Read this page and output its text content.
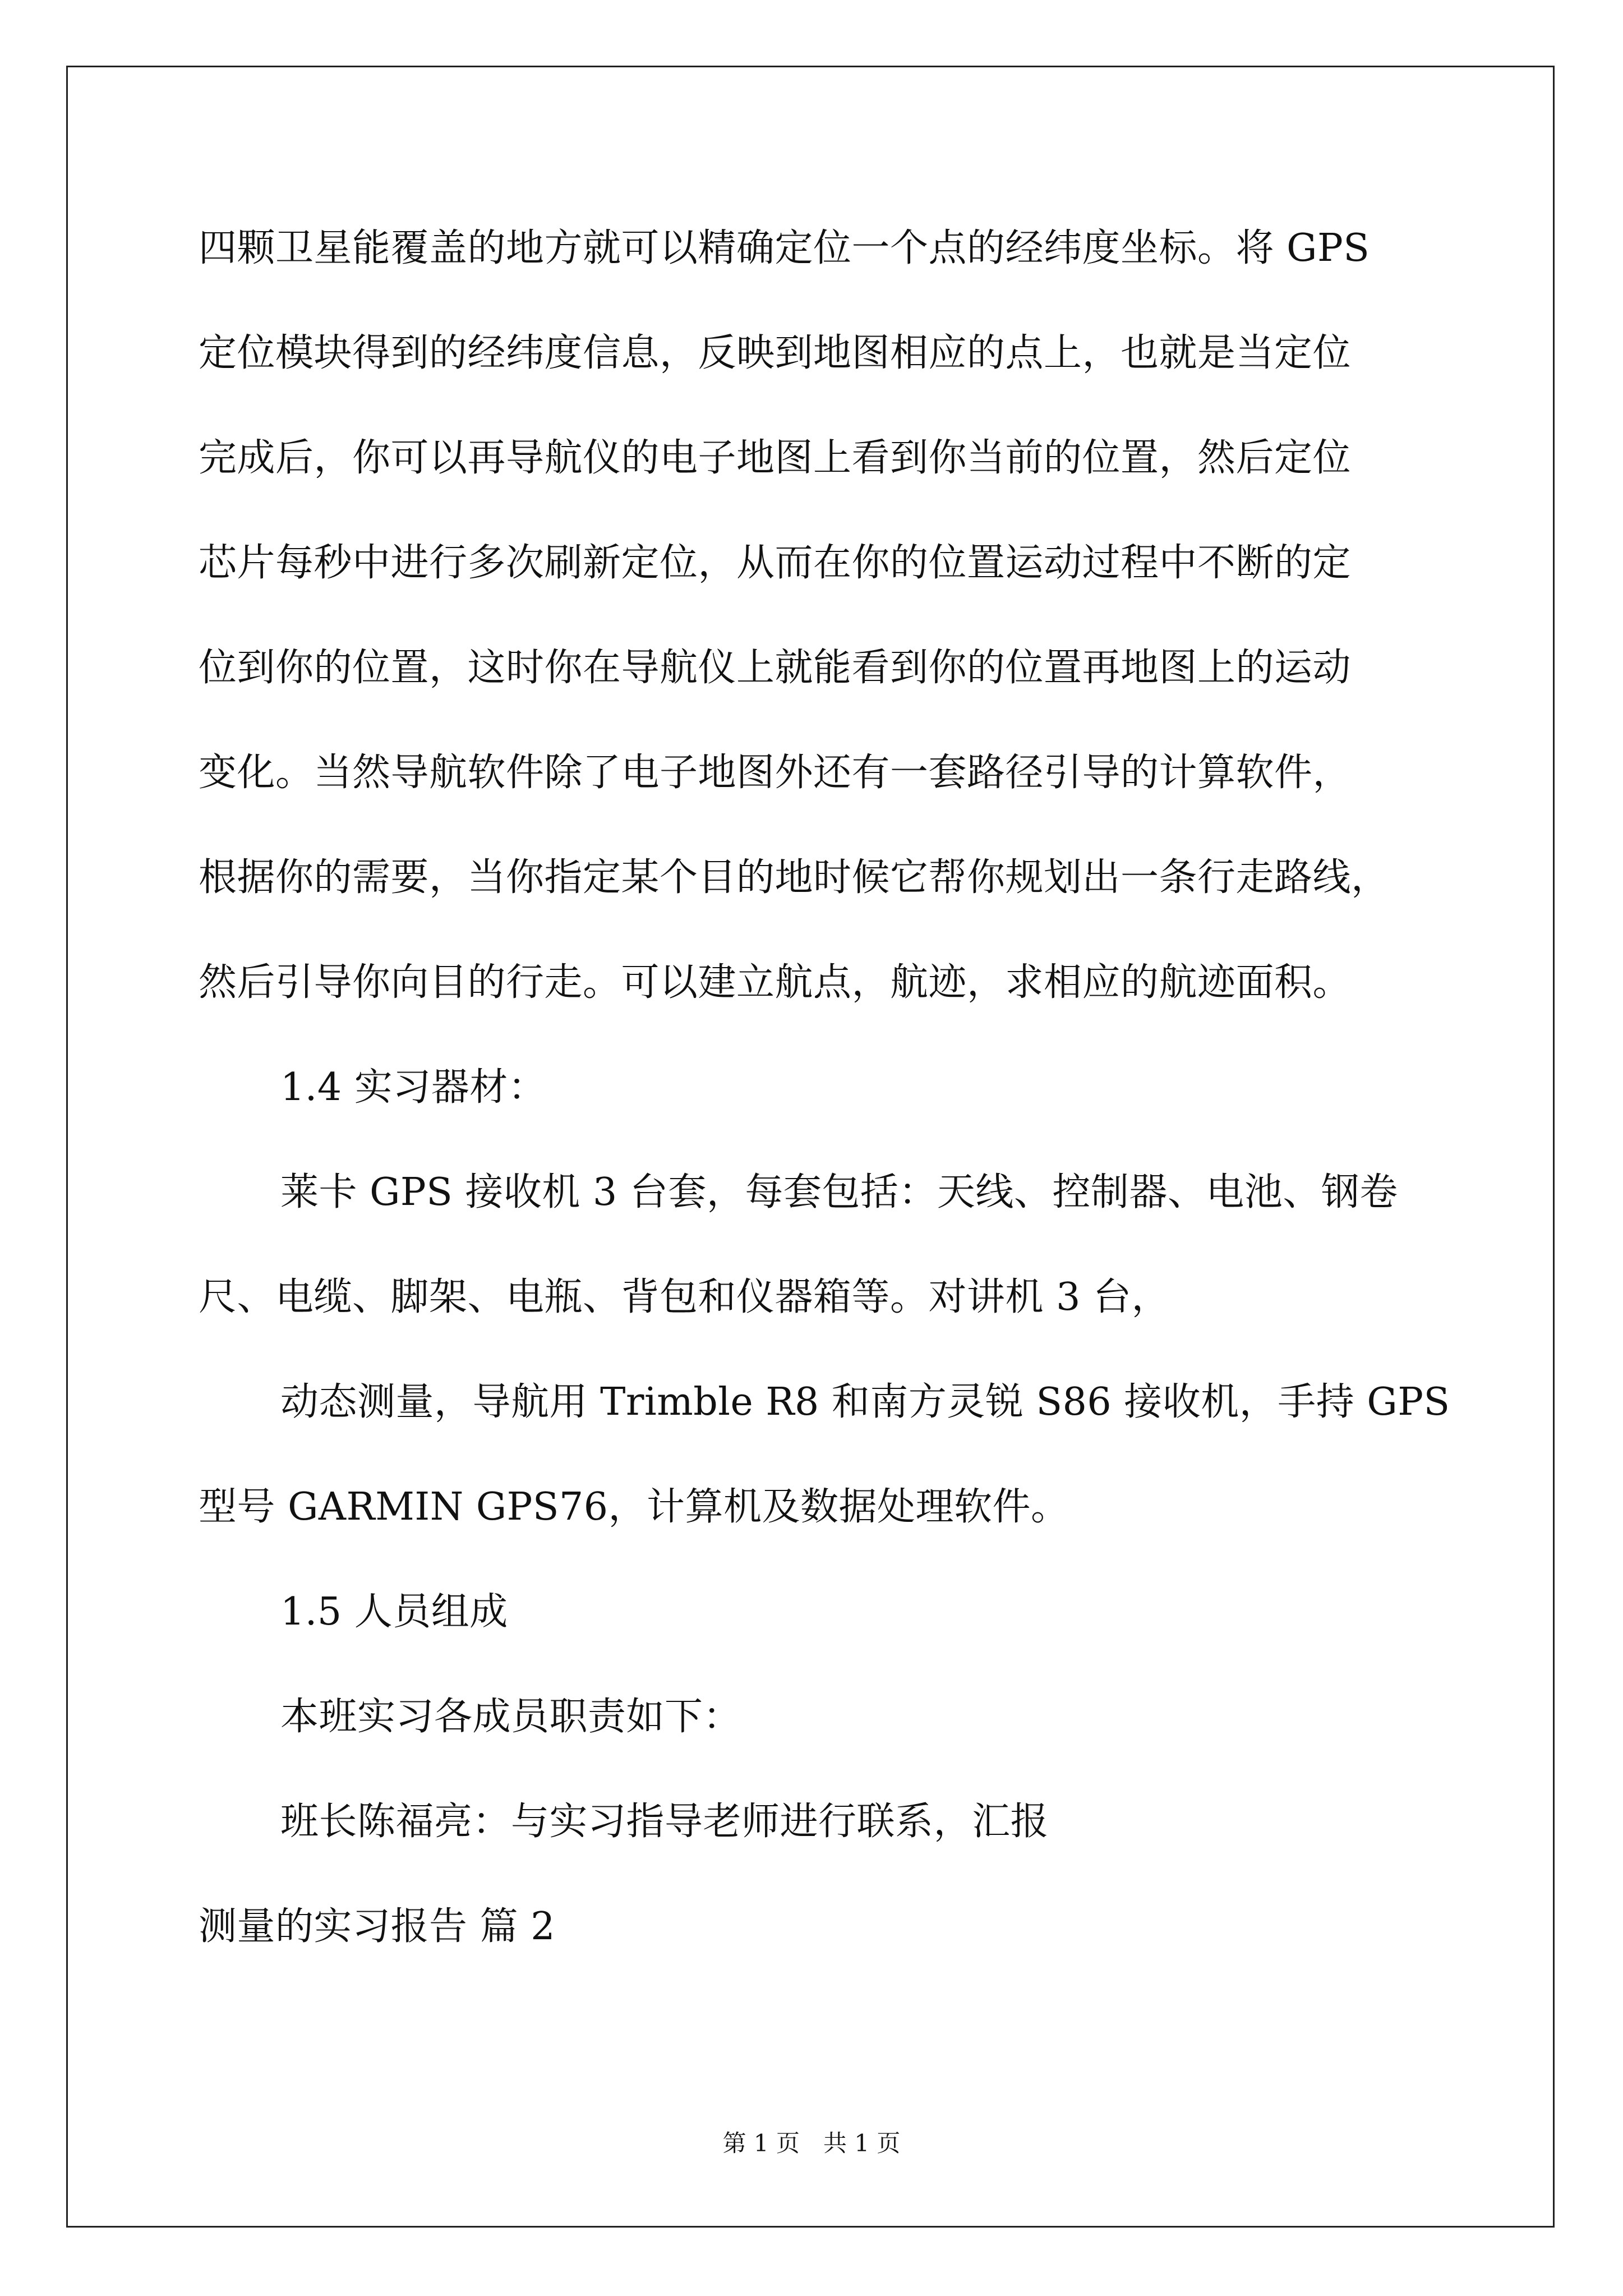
四颗卫星能覆盖的地方就可以精确定位一个点的经纬度坐标。将 GPS
定位模块得到的经纬度信息，反映到地图相应的点上，也就是当定位
完成后，你可以再导航仪的电子地图上看到你当前的位置，然后定位
芯片每秒中进行多次刷新定位，从而在你的位置运动过程中不断的定
位到你的位置，这时你在导航仪上就能看到你的位置再地图上的运动
变化。当然导航软件除了电子地图外还有一套路径引导的计算软件，
根据你的需要，当你指定某个目的地时候它帮你规划出一条行走路线，
然后引导你向目的行走。可以建立航点，航迹，求相应的航迹面积。
1.4 实习器材：
莱卡 GPS 接收机 3 台套，每套包括：天线、控制器、电池、钢卷
尺、电缆、脚架、电瓶、背包和仪器箱等。对讲机 3 台，
动态测量，导航用 Trimble R8 和南方灵锐 S86 接收机，手持 GPS
型号 GARMIN GPS76，计算机及数据处理软件。
1.5 人员组成
本班实习各成员职责如下：
班长陈福亮：与实习指导老师进行联系，汇报
测量的实习报告 篇 2
第 1 页　共 1 页
